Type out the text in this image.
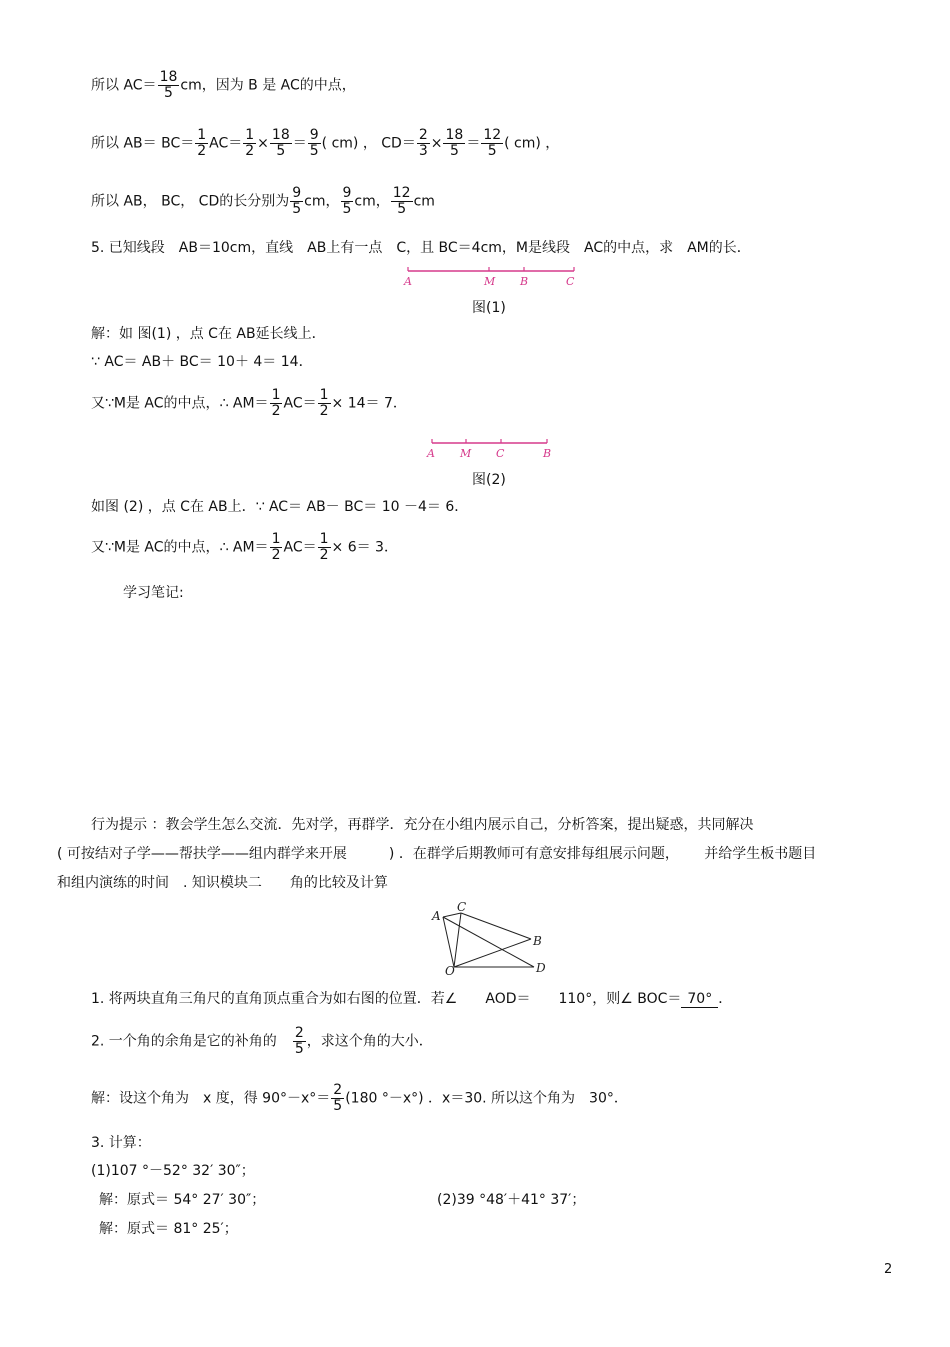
所以 $AC= \frac{18}{5}$ cm，因为 B 是 AC的中点，
所以 $AB= BC= \frac{1}{2} AC= \frac{1}{2} \times \frac{18}{5} = \frac{9}{5}$ ( cm) ， $CD= \frac{2}{3} \times \frac{18}{5} = \frac{12}{5}$ ( cm) ，
所以 AB， BC， CD的长分别为 $\frac{9}{5}$ cm， $\frac{9}{5}$ cm， $\frac{12}{5}$ cm
5. 已知线段　AB＝10cm，直线　AB上有一点　C，且 BC＝4cm，M是线段　AC的中点，求　AM的长．
A	M B	C
图(1)
解：如 图(1) ，点 C在 AB延长线上．
∵ AC＝ AB＋ BC＝ 10＋ 4＝ 14．
又∵M是 AC的中点，∴ $AM= \frac{1}{2} AC= \frac{1}{2} \times 14= 7$．
A M C	B
图(2)
如图 (2) ，点 C在 AB上．∵ AC＝ AB－ BC＝ 10 －4＝ 6．
又∵M是 AC的中点，∴ $AM= \frac{1}{2} AC= \frac{1}{2} \times 6= 3$．
学习笔记:
行为提示 ：教会学生怎么交流．先对学，再群学．充分在小组内展示自己，分析答案，提出疑惑，共同解决
( 可按结对子学——帮扶学——组内群学来开展　　　) ．在群学后期教师可有意安排每组展示问题，　　 并给学生板书题目
和组内演练的时间　. 知识模块二　　角的比较及计算
A
C
B
O	D
1. 将两块直角三角尺的直角顶点重合为如右图的位置．若∠　　AOD＝　　110°，则∠ BOC＝ 70° ．
2. 一个角的余角是它的补角的 $\frac{2}{5}$ ，求这个角的大小．
解：设这个角为　x 度，得 $90^\circ-x^\circ= \frac{2}{5} (180$ °－x°) ．x＝30. 所以这个角为　30°．
3. 计算：
(1)107 °－52° 32′ 30″；
解：原式＝ 54° 27′ 30″；	(2)39 °48′＋41° 37′；
解：原式＝ 81° 25′；
2
